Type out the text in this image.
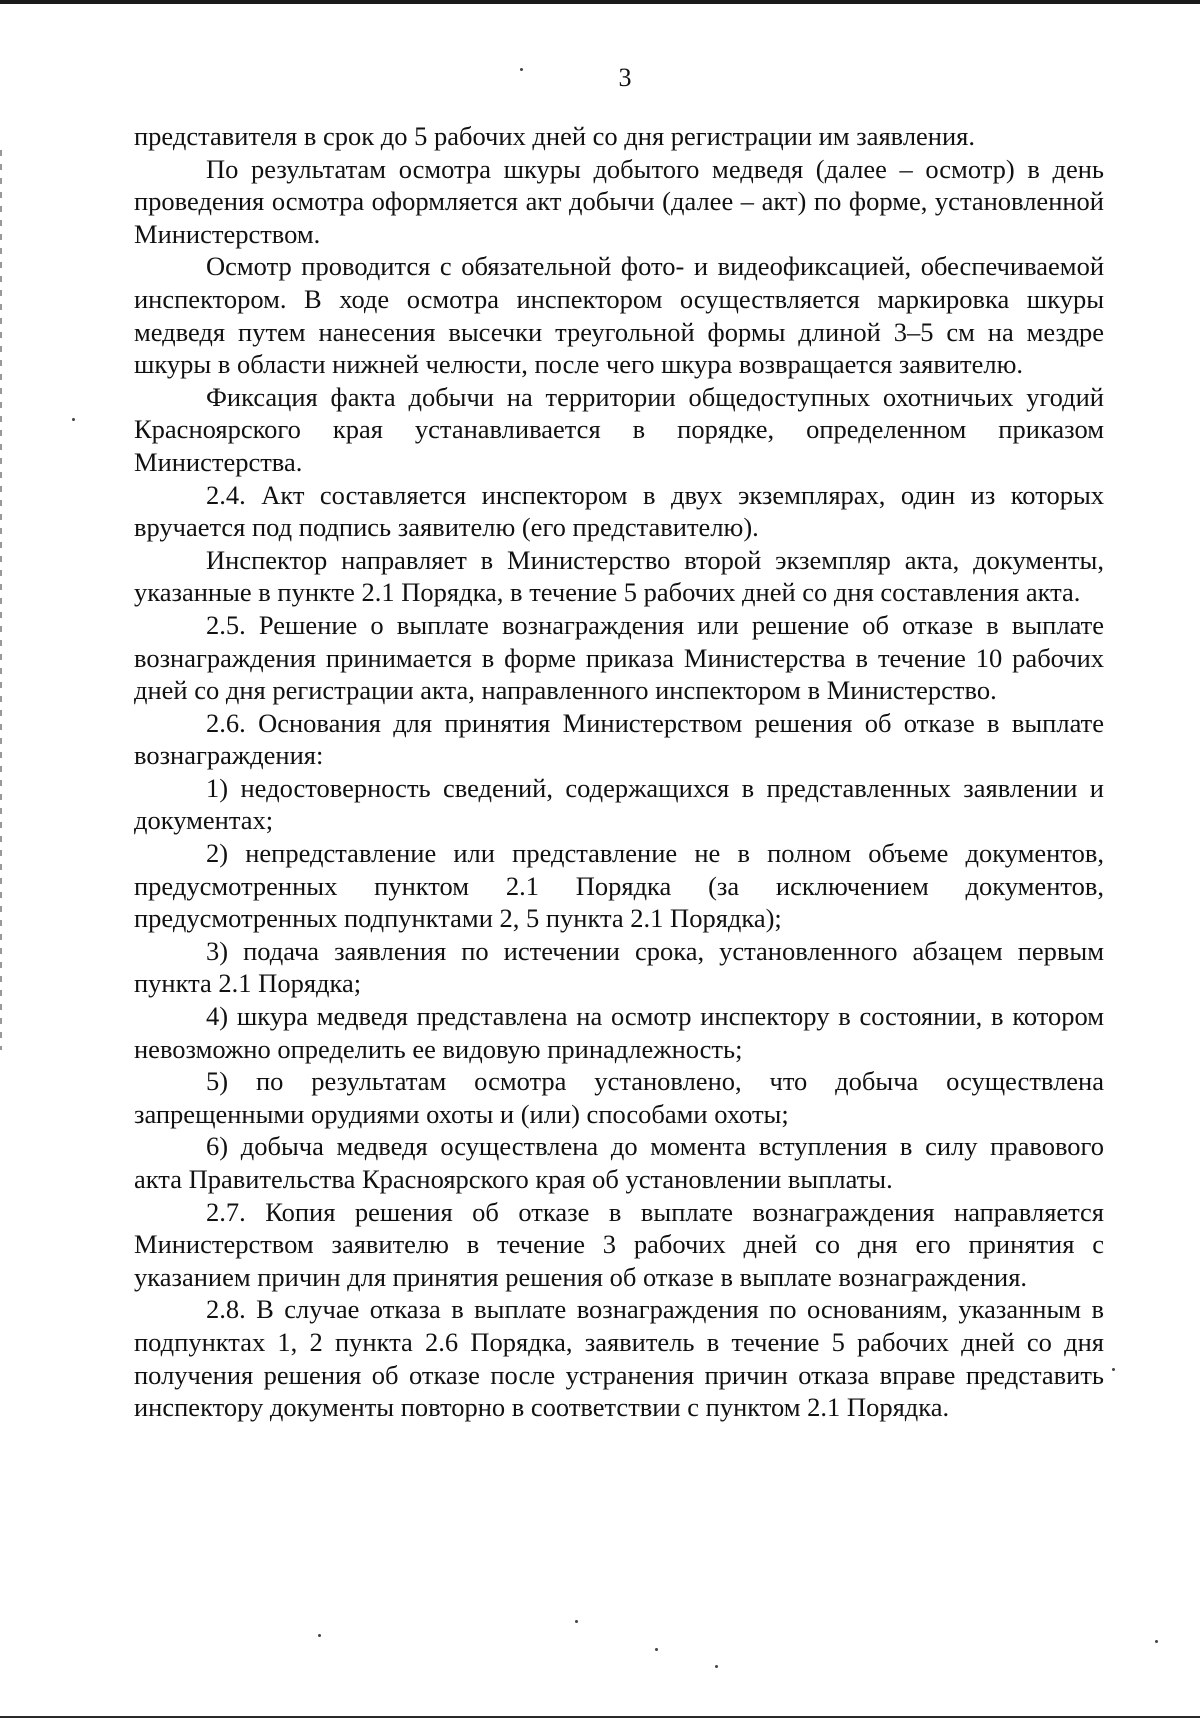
3

представителя в срок до 5 рабочих дней со дня регистрации им заявления.

По результатам осмотра шкуры добытого медведя (далее – осмотр) в день проведения осмотра оформляется акт добычи (далее – акт) по форме, установленной Министерством.

Осмотр проводится с обязательной фото- и видеофиксацией, обеспечиваемой инспектором. В ходе осмотра инспектором осуществляется маркировка шкуры медведя путем нанесения высечки треугольной формы длиной 3–5 см на мездре шкуры в области нижней челюсти, после чего шкура возвращается заявителю.

Фиксация факта добычи на территории общедоступных охотничьих угодий Красноярского края устанавливается в порядке, определенном приказом Министерства.

2.4. Акт составляется инспектором в двух экземплярах, один из которых вручается под подпись заявителю (его представителю).

Инспектор направляет в Министерство второй экземпляр акта, документы, указанные в пункте 2.1 Порядка, в течение 5 рабочих дней со дня составления акта.

2.5. Решение о выплате вознаграждения или решение об отказе в выплате вознаграждения принимается в форме приказа Министерства в течение 10 рабочих дней со дня регистрации акта, направленного инспектором в Министерство.

2.6. Основания для принятия Министерством решения об отказе в выплате вознаграждения:

1) недостоверность сведений, содержащихся в представленных заявлении и документах;

2) непредставление или представление не в полном объеме документов, предусмотренных пунктом 2.1 Порядка (за исключением документов, предусмотренных подпунктами 2, 5 пункта 2.1 Порядка);

3) подача заявления по истечении срока, установленного абзацем первым пункта 2.1 Порядка;

4) шкура медведя представлена на осмотр инспектору в состоянии, в котором невозможно определить ее видовую принадлежность;

5) по результатам осмотра установлено, что добыча осуществлена запрещенными орудиями охоты и (или) способами охоты;

6) добыча медведя осуществлена до момента вступления в силу правового акта Правительства Красноярского края об установлении выплаты.

2.7. Копия решения об отказе в выплате вознаграждения направляется Министерством заявителю в течение 3 рабочих дней со дня его принятия с указанием причин для принятия решения об отказе в выплате вознаграждения.

2.8. В случае отказа в выплате вознаграждения по основаниям, указанным в подпунктах 1, 2 пункта 2.6 Порядка, заявитель в течение 5 рабочих дней со дня получения решения об отказе после устранения причин отказа вправе представить инспектору документы повторно в соответствии с пунктом 2.1 Порядка.
